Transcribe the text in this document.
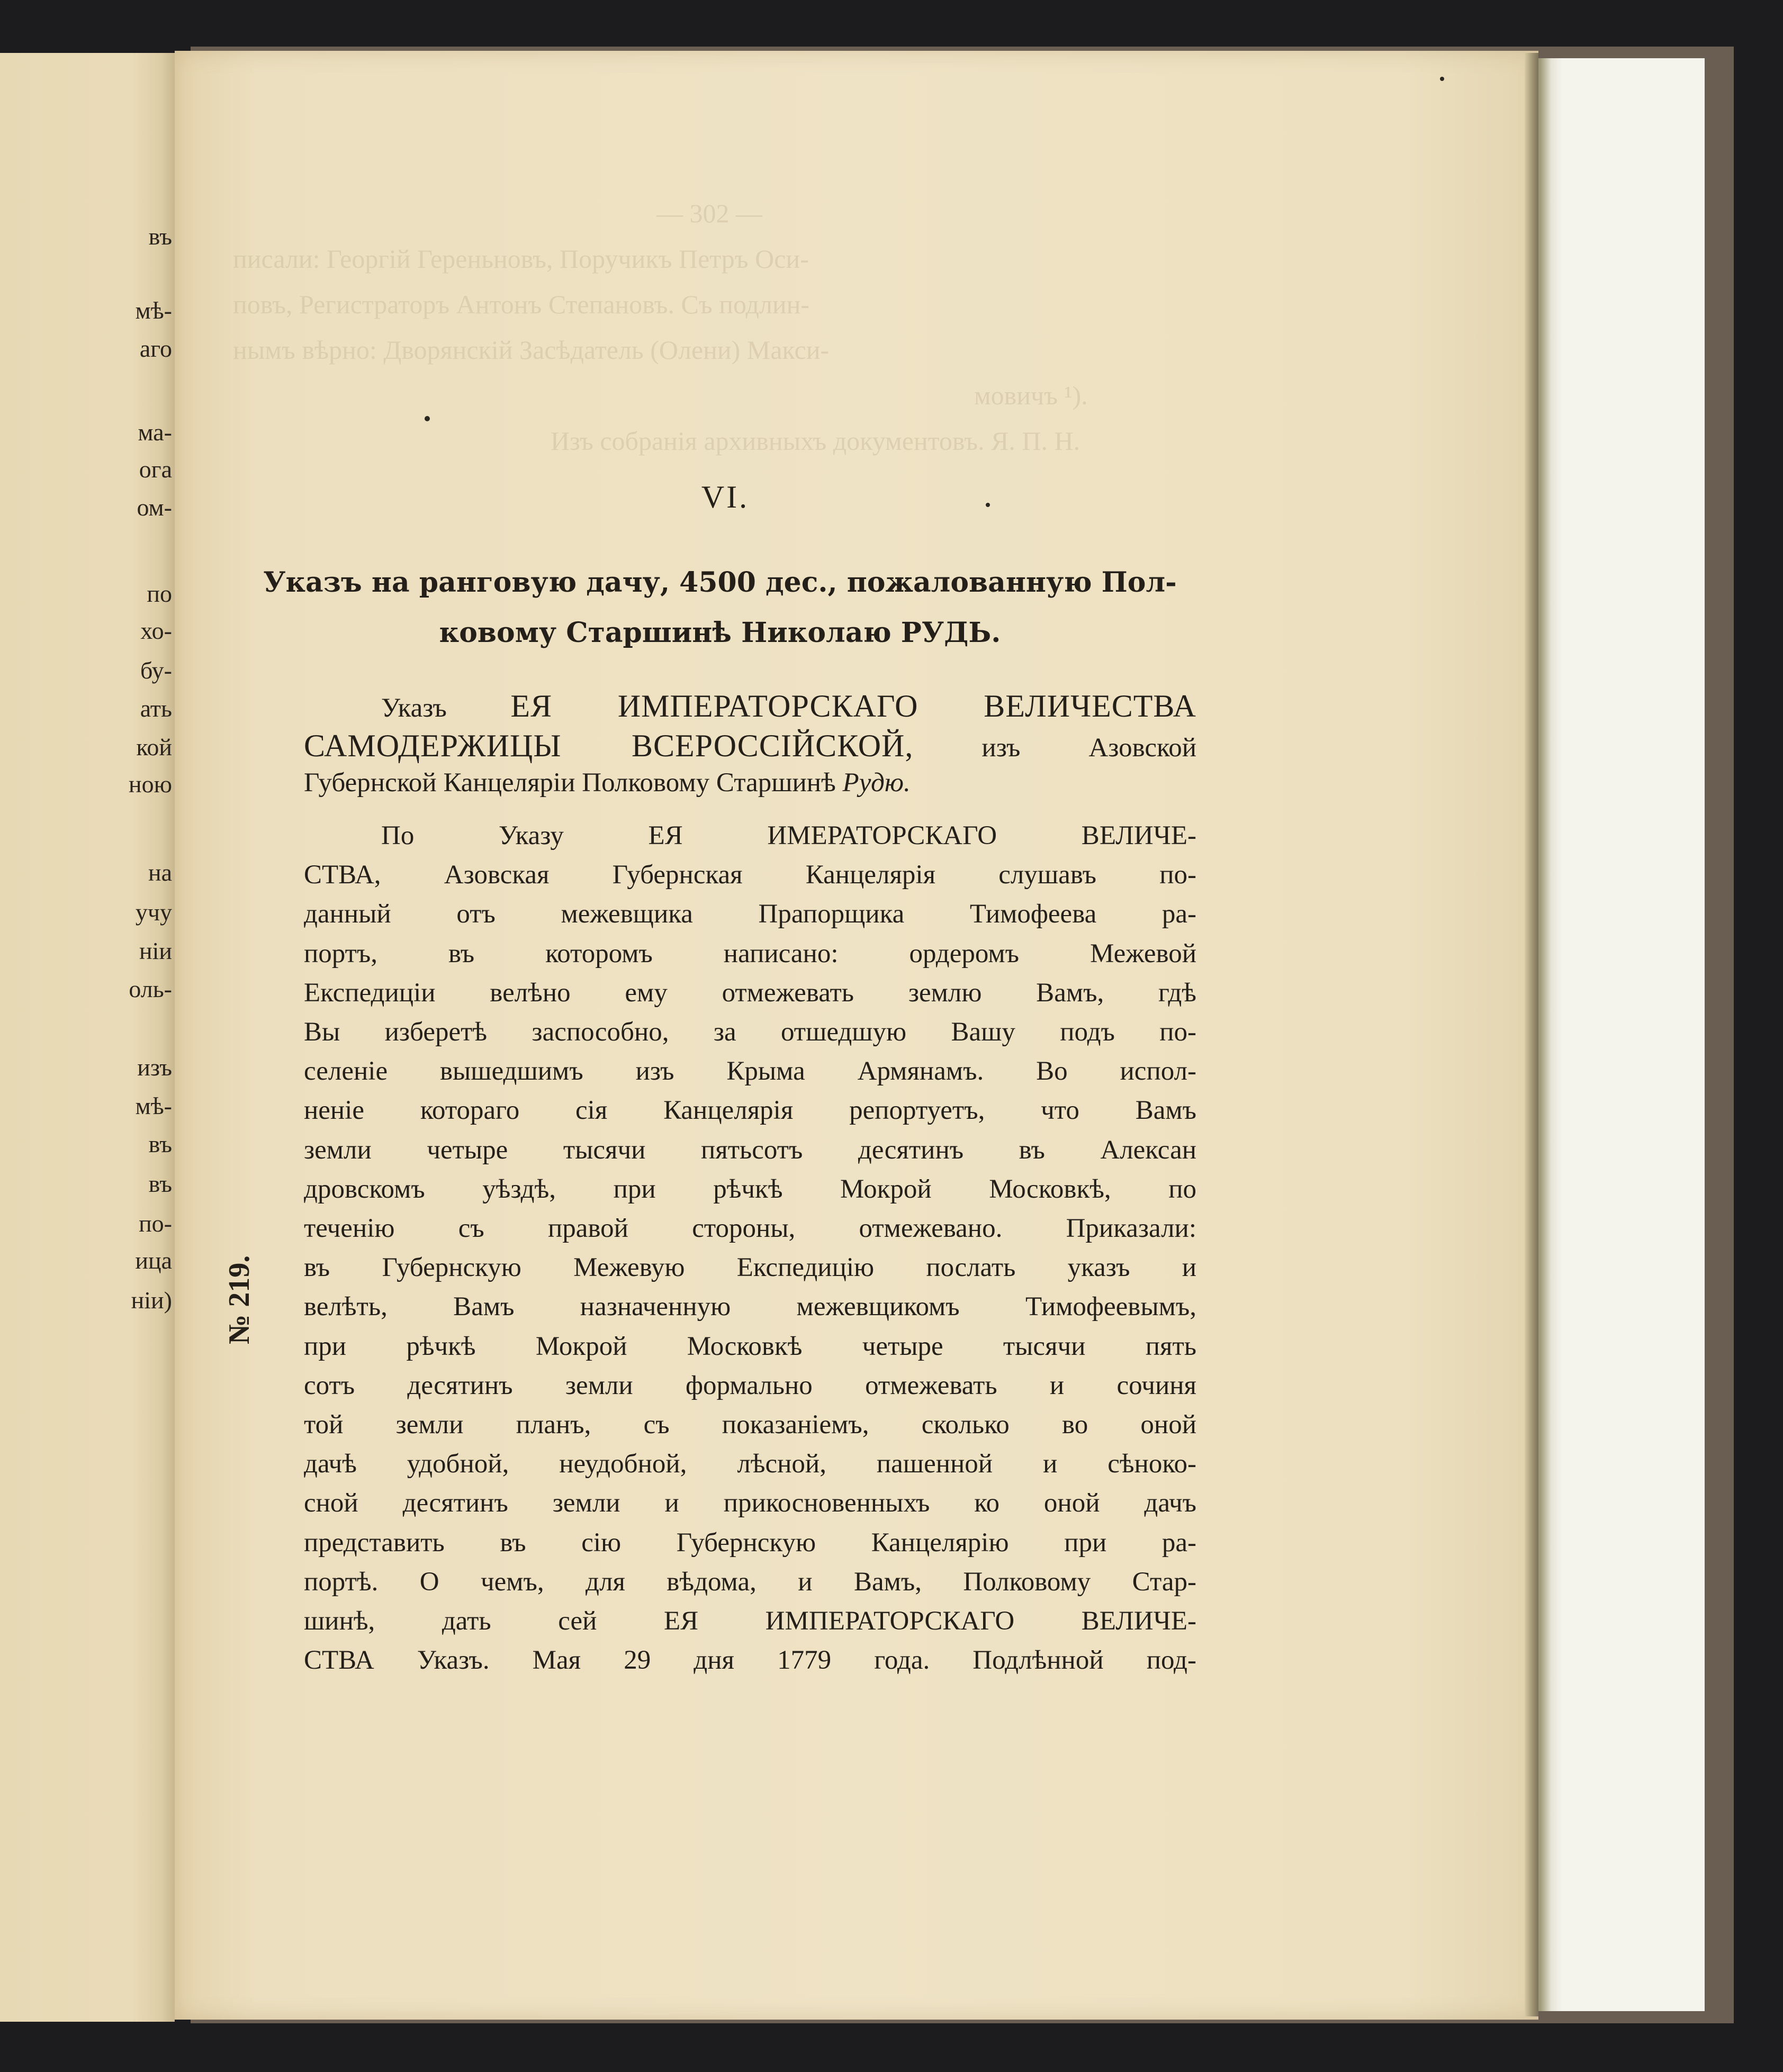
въ
мѣ-
аго
ма-
ога
ом-
по
хо-
бу-
ать
кой
ною
на
учу
ніи
оль-
изъ
мѣ-
въ
въ
по-
ица
ніи)
— 302 —
писали: Георгій Гереньновъ, Поручикъ Петръ Оси-
повъ, Регистраторъ Антонъ Степановъ. Съ подлин-
нымъ вѣрно: Двоpянскій Засѣдатель (Олени) Макси-
мовичъ ¹).
Изъ собранія архивныхъ документовъ. Я. П. Н.
VI.
Указъ на ранговую дачу, 4500 дес., пожалованную Пол-
ковому Старшинѣ Николаю РУДЬ.
Указъ ЕЯ ИМПЕРАТОРСКАГО ВЕЛИЧЕСТВА
САМОДЕРЖИЦЫ ВСЕРОССІЙСКОЙ, изъ Азовской
Губернской Канцеляріи Полковому Старшинѣ Рудю.
По Указу ЕЯ ИМЕРАТОРСКАГО ВЕЛИЧЕ-
СТВА, Азовская Губернская Канцелярія слушавъ по-
данный отъ межевщика Прапорщика Тимофеева ра-
портъ, въ которомъ написано: ордеромъ Межевой
Експедиціи велѣно ему отмежевать землю Вамъ, гдѣ
Вы изберетѣ заспособно, за отшедшую Вашу подъ по-
селеніе вышедшимъ изъ Крыма Армянамъ. Во испол-
неніе котораго сія Канцелярія репортуетъ, что Вамъ
земли четыре тысячи пятьсотъ десятинъ въ Алексан
дровскомъ уѣздѣ, при рѣчкѣ Мокрой Московкѣ, по
теченію съ правой стороны, отмежевано. Приказали:
въ Губернскую Межевую Експедицію послать указъ и
велѣть, Вамъ назначенную межевщикомъ Тимофеевымъ,
при рѣчкѣ Мокрой Московкѣ четыре тысячи пять
сотъ десятинъ земли формально отмежевать и сочиня
той земли планъ, съ показаніемъ, сколько во оной
дачѣ удобной, неудобной, лѣсной, пашенной и сѣноко-
сной десятинъ земли и прикосновенныхъ ко оной дачъ
представить въ сію Губернскую Канцелярію при ра-
портѣ. О чемъ, для вѣдома, и Вамъ, Полковому Стар-
шинѣ, дать сей ЕЯ ИМПЕРАТОРСКАГО ВЕЛИЧЕ-
СТВА Указъ. Мая 29 дня 1779 года. Подлѣнной под-
№ 219.
